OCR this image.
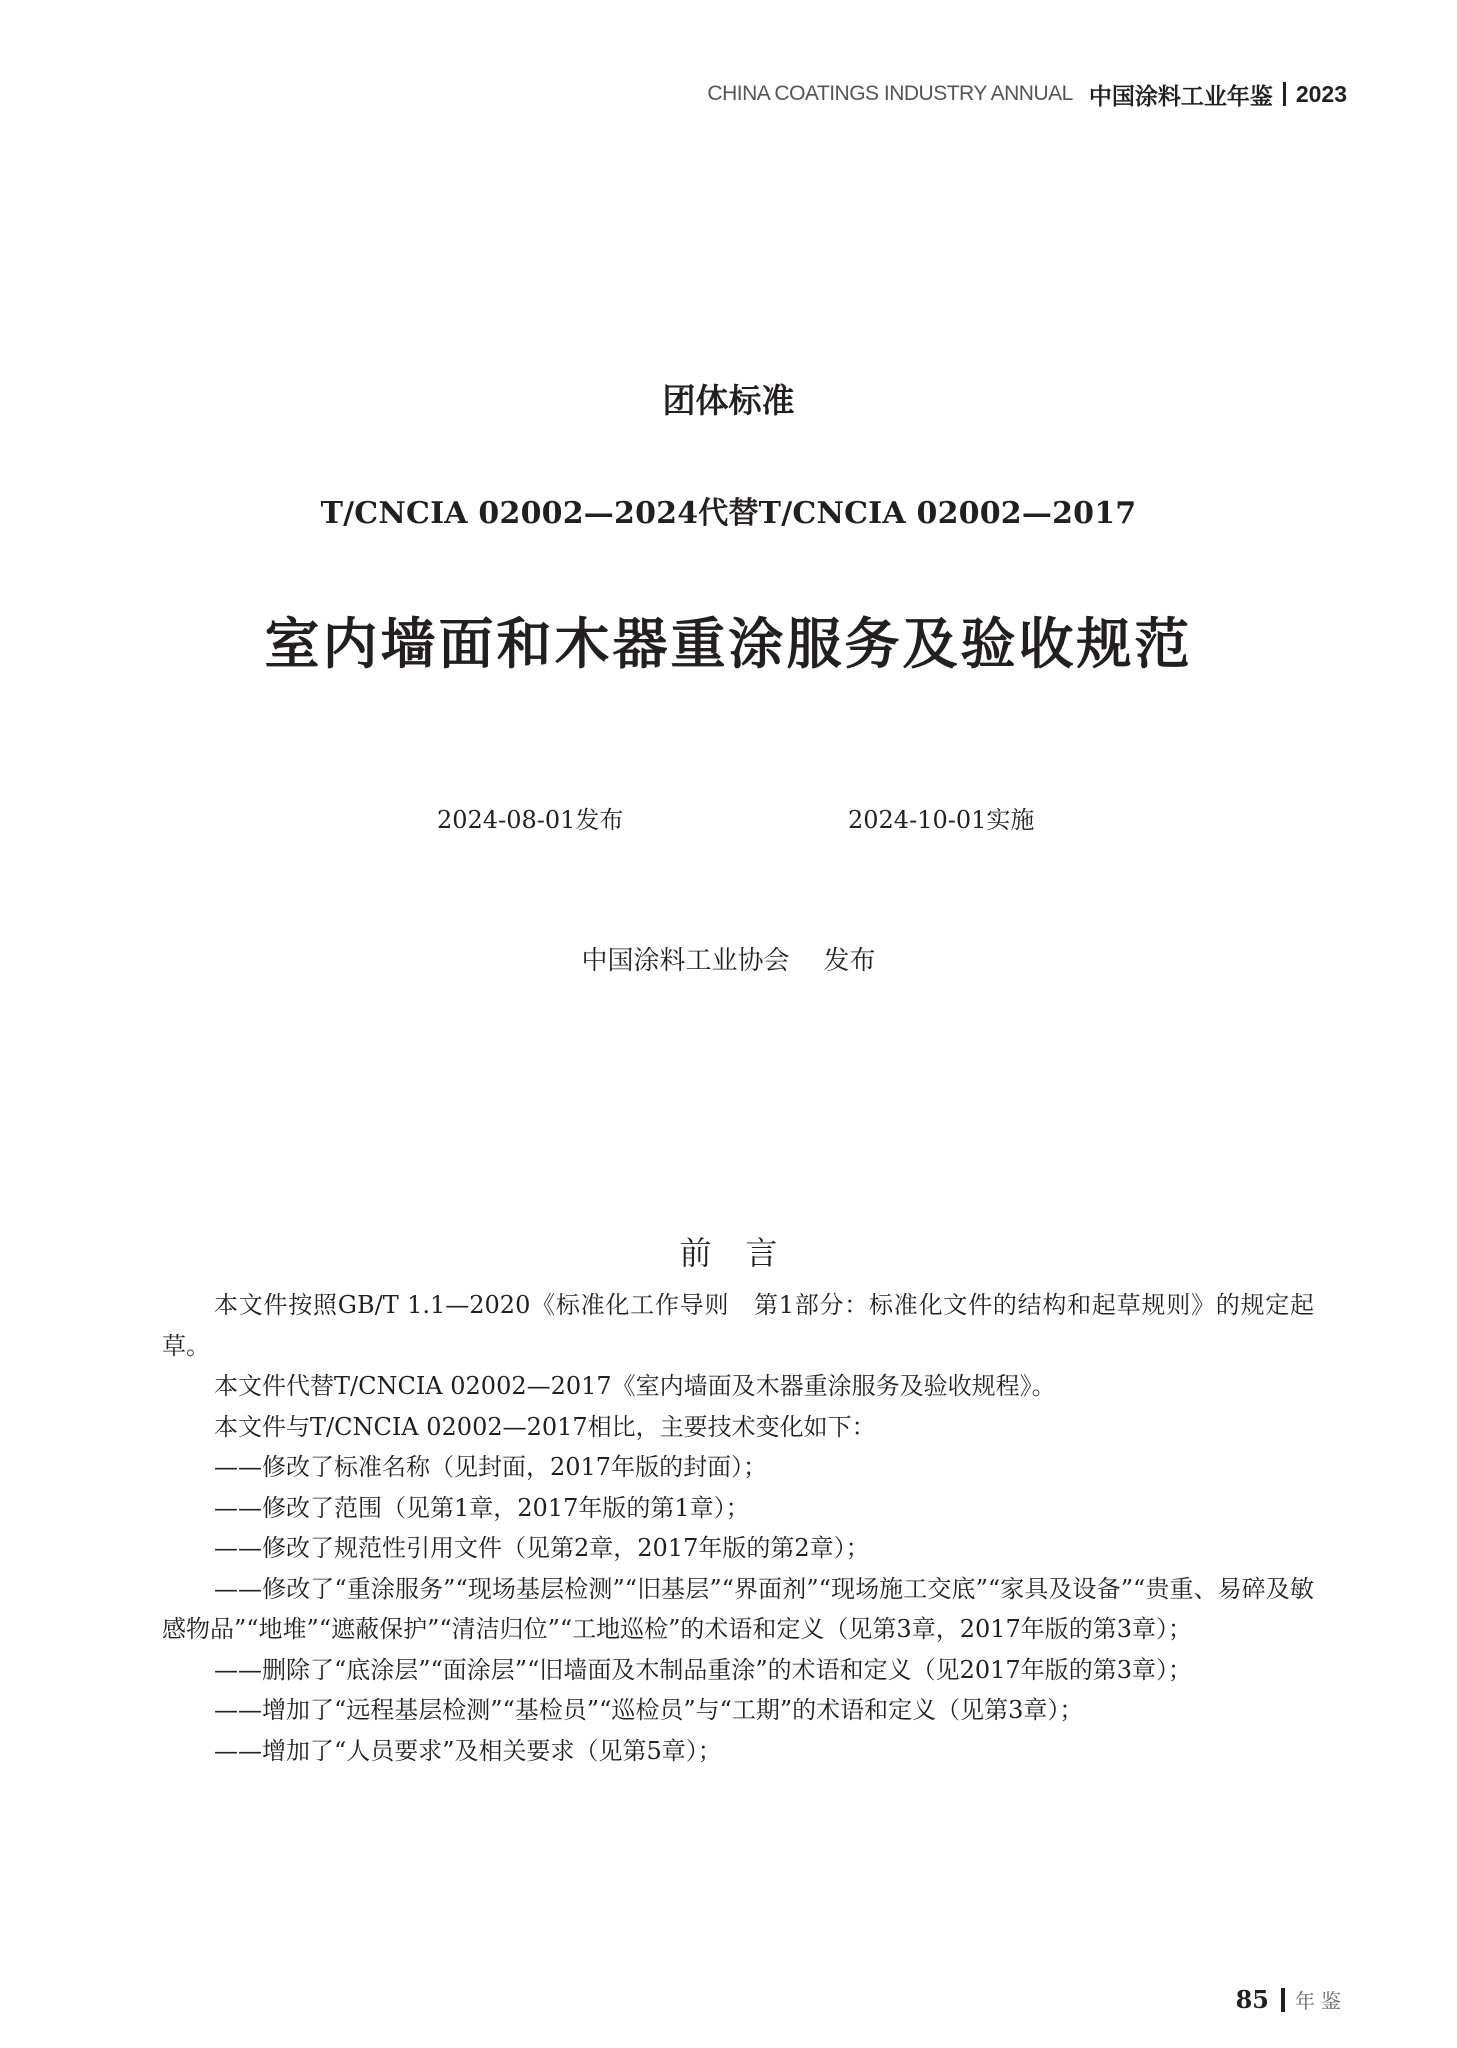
CHINA COATINGS INDUSTRY ANNUAL 中国涂料工业年鉴 2023
团体标准
T/CNCIA 02002—2024代替T/CNCIA 02002—2017
室内墙面和木器重涂服务及验收规范
2024-08-01发布	2024-10-01实施
中国涂料工业协会 发布
前 言

本文件按照GB/T 1.1—2020《标准化工作导则　第1部分：标准化文件的结构和起草规则》的规定起草。

本文件代替T/CNCIA 02002—2017《室内墙面及木器重涂服务及验收规程》。

本文件与T/CNCIA 02002—2017相比，主要技术变化如下：

——修改了标准名称（见封面，2017年版的封面）；

——修改了范围（见第1章，2017年版的第1章）；

——修改了规范性引用文件（见第2章，2017年版的第2章）；

——修改了“重涂服务”“现场基层检测”“旧基层”“界面剂”“现场施工交底”“家具及设备”“贵重、易碎及敏感物品”“地堆”“遮蔽保护”“清洁归位”“工地巡检”的术语和定义（见第3章，2017年版的第3章）；

——删除了“底涂层”“面涂层”“旧墙面及木制品重涂”的术语和定义（见2017年版的第3章）；

——增加了“远程基层检测”“基检员”“巡检员”与“工期”的术语和定义（见第3章）；

——增加了“人员要求”及相关要求（见第5章）；

85 年鉴
